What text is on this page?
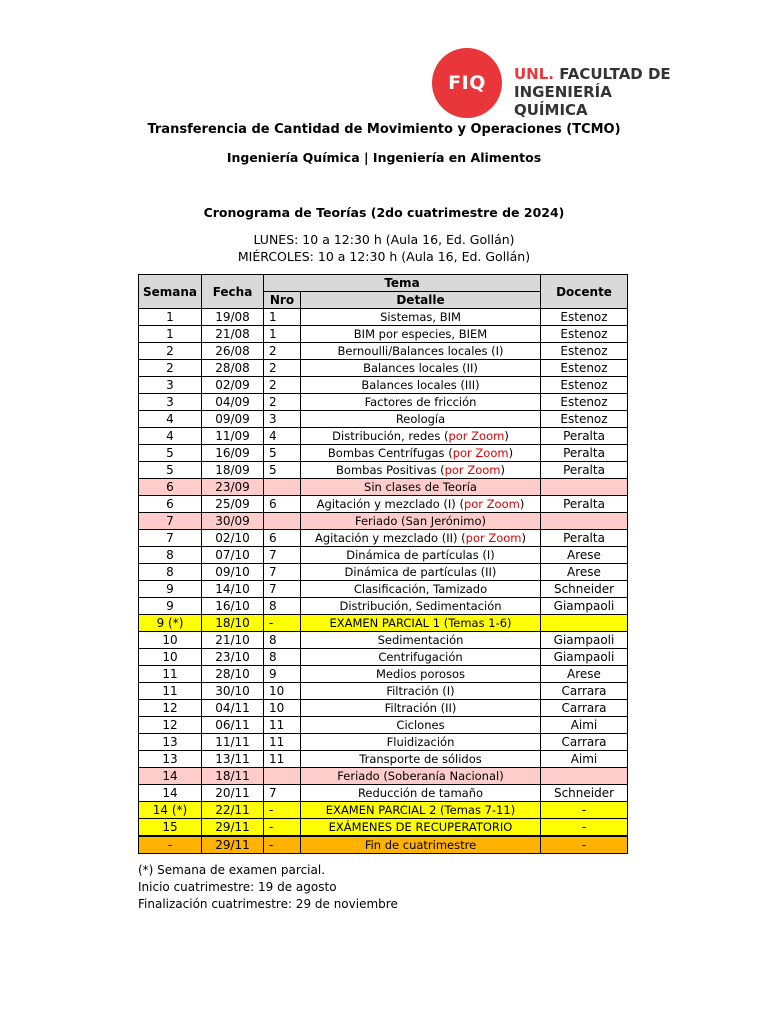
FIQ	UNL. FACULTAD DE
INGENIERÍA QUÍMICA
Transferencia de Cantidad de Movimiento y Operaciones (TCMO)
Ingeniería Química | Ingeniería en Alimentos
Cronograma de Teorías (2do cuatrimestre de 2024)
LUNES: 10 a 12:30 h (Aula 16, Ed. Gollán)
MIÉRCOLES: 10 a 12:30 h (Aula 16, Ed. Gollán)
Semana	Fecha	Tema		Docente
		Nro	Detalle	
1	19/08	1	Sistemas, BIM	Estenoz
1	21/08	1	BIM por especies, BIEM	Estenoz
2	26/08	2	Bernoulli/Balances locales (I)	Estenoz
2	28/08	2	Balances locales (II)	Estenoz
3	02/09	2	Balances locales (III)	Estenoz
3	04/09	2	Factores de fricción	Estenoz
4	09/09	3	Reología	Estenoz
4	11/09	4	Distribución, redes (por Zoom)	Peralta
5	16/09	5	Bombas Centrífugas (por Zoom)	Peralta
5	18/09	5	Bombas Positivas (por Zoom)	Peralta
6	23/09		Sin clases de Teoría	
6	25/09	6	Agitación y mezclado (I) (por Zoom)	Peralta
7	30/09		Feriado (San Jerónimo)	
7	02/10	6	Agitación y mezclado (II) (por Zoom)	Peralta
8	07/10	7	Dinámica de partículas (I)	Arese
8	09/10	7	Dinámica de partículas (II)	Arese
9	14/10	7	Clasificación, Tamizado	Schneider
9	16/10	8	Distribución, Sedimentación	Giampaoli
9 (*)	18/10	-	EXAMEN PARCIAL 1 (Temas 1-6)	
10	21/10	8	Sedimentación	Giampaoli
10	23/10	8	Centrifugación	Giampaoli
11	28/10	9	Medios porosos	Arese
11	30/10	10	Filtración (I)	Carrara
12	04/11	10	Filtración (II)	Carrara
12	06/11	11	Ciclones	Aimi
13	11/11	11	Fluidización	Carrara
13	13/11	11	Transporte de sólidos	Aimi
14	18/11		Feriado (Soberanía Nacional)	
14	20/11	7	Reducción de tamaño	Schneider
14 (*)	22/11	-	EXAMEN PARCIAL 2 (Temas 7-11)	-
15	29/11	-	EXÁMENES DE RECUPERATORIO	-
-	29/11	-	Fin de cuatrimestre	-
(*) Semana de examen parcial.
Inicio cuatrimestre: 19 de agosto
Finalización cuatrimestre: 29 de noviembre
